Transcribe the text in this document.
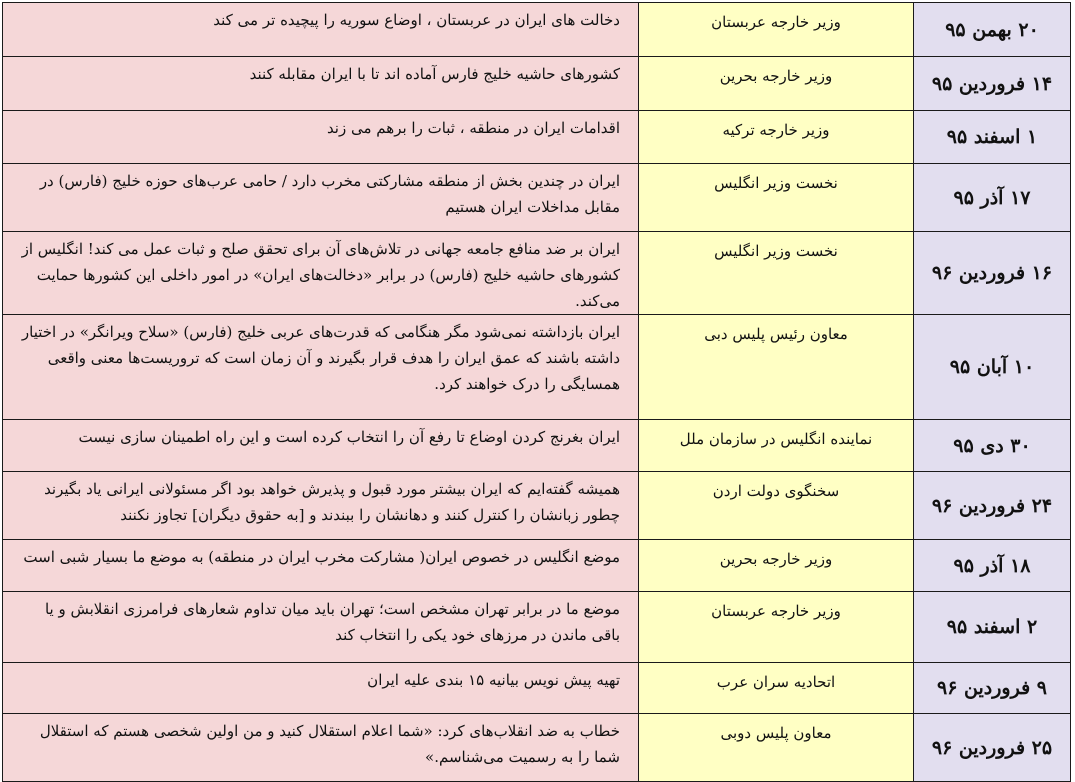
۲۰ بهمن ۹۵	وزیر خارجه عربستان	دخالت های ایران در عربستان ، اوضاع سوریه را پیچیده تر می کند
۱۴ فروردین ۹۵	وزیر خارجه بحرین	کشورهای حاشیه خلیج فارس آماده اند تا با ایران مقابله کنند
۱ اسفند ۹۵	وزیر خارجه ترکیه	اقدامات ایران در منطقه ، ثبات را برهم می زند
۱۷ آذر ۹۵	نخست وزیر انگلیس	ایران در چندین بخش از منطقه مشارکتی مخرب دارد / حامی عرب‌های حوزه خلیج (فارس) در مقابل مداخلات ایران هستیم
۱۶ فروردین ۹۶	نخست وزیر انگلیس	ایران بر ضد منافع جامعه جهانی در تلاش‌های آن برای تحقق صلح و ثبات عمل می کند! انگلیس از کشورهای حاشیه خلیج (فارس) در برابر «دخالت‌های ایران» در امور داخلی این کشورها حمایت می‌کند.
۱۰ آبان ۹۵	معاون رئیس پلیس دبی	ایران بازداشته نمی‌شود مگر هنگامی که قدرت‌های عربی خلیج (فارس) «سلاح ویرانگر» در اختیار داشته باشند که عمق ایران را هدف قرار بگیرند و آن زمان است که تروریست‌ها معنی واقعی همسایگی را درک خواهند کرد.
۳۰ دی ۹۵	نماینده انگلیس در سازمان ملل	ایران بغرنج کردن اوضاع تا رفع آن را انتخاب کرده است و این راه اطمینان سازی نیست
۲۴ فروردین ۹۶	سخنگوی دولت اردن	همیشه گفته‌ایم که ایران بیشتر مورد قبول و پذیرش خواهد بود اگر مسئولانی ایرانی یاد بگیرند چطور زبانشان را کنترل کنند و دهانشان را ببندند و [به حقوق دیگران] تجاوز نکنند
۱۸ آذر ۹۵	وزیر خارجه بحرین	موضع انگلیس در خصوص ایران( مشارکت مخرب ایران در منطقه) به موضع ما بسیار شبی است
۲ اسفند ۹۵	وزیر خارجه عربستان	موضع ما در برابر تهران مشخص است؛ تهران باید میان تداوم شعارهای فرامرزی انقلابش و یا باقی ماندن در مرزهای خود یکی را انتخاب کند
۹ فروردین ۹۶	اتحادیه سران عرب	تهیه پیش نویس بیانیه ۱۵ بندی علیه ایران
۲۵ فروردین ۹۶	معاون پلیس دوبی	خطاب به ضد انقلاب‌های کرد: «شما اعلام استقلال کنید و من اولین شخصی هستم که استقلال شما را به رسمیت می‌شناسم.»
